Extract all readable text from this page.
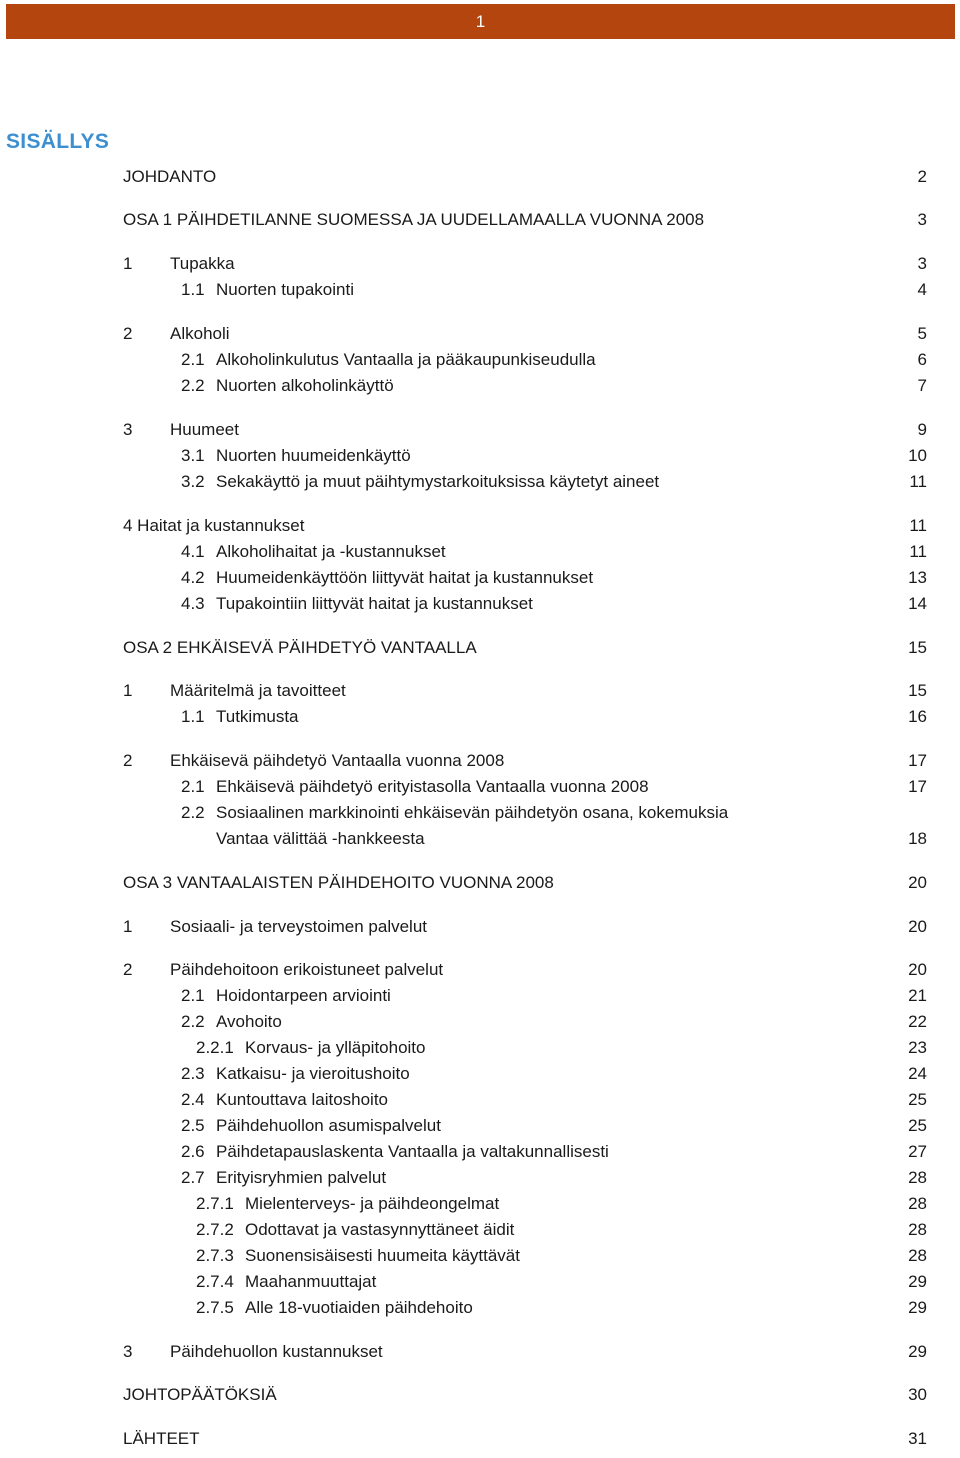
1
SISÄLLYS
JOHDANTO	2
OSA 1 PÄIHDETILANNE SUOMESSA JA UUDELLAMAALLA VUONNA 2008	3
1 Tupakka	3
1.1 Nuorten tupakointi	4
2 Alkoholi	5
2.1 Alkoholinkulutus Vantaalla ja pääkaupunkiseudulla	6
2.2 Nuorten alkoholinkäyttö	7
3 Huumeet	9
3.1 Nuorten huumeidenkäyttö	10
3.2 Sekakäyttö ja muut päihtymystarkoituksissa käytetyt aineet	11
4 Haitat ja kustannukset	11
4.1 Alkoholihaitat ja -kustannukset	11
4.2 Huumeidenkäyttöön liittyvät haitat ja kustannukset	13
4.3 Tupakointiin liittyvät haitat ja kustannukset	14
OSA 2 EHKÄISEVÄ PÄIHDETYÖ VANTAALLA	15
1 Määritelmä ja tavoitteet	15
1.1 Tutkimusta	16
2 Ehkäisevä päihdetyö Vantaalla vuonna 2008	17
2.1 Ehkäisevä päihdetyö erityistasolla Vantaalla vuonna 2008	17
2.2 Sosiaalinen markkinointi ehkäisevän päihdetyön osana, kokemuksia
Vantaa välittää -hankkeesta	18
OSA 3 VANTAALAISTEN PÄIHDEHOITO VUONNA 2008	20
1 Sosiaali- ja terveystoimen palvelut	20
2 Päihdehoitoon erikoistuneet palvelut	20
2.1 Hoidontarpeen arviointi	21
2.2 Avohoito	22
2.2.1 Korvaus- ja ylläpitohoito	23
2.3 Katkaisu- ja vieroitushoito	24
2.4 Kuntouttava laitoshoito	25
2.5 Päihdehuollon asumispalvelut	25
2.6 Päihdetapauslaskenta Vantaalla ja valtakunnallisesti	27
2.7 Erityisryhmien palvelut	28
2.7.1 Mielenterveys- ja päihdeongelmat	28
2.7.2 Odottavat ja vastasynnyttäneet äidit	28
2.7.3 Suonensisäisesti huumeita käyttävät	28
2.7.4 Maahanmuuttajat	29
2.7.5 Alle 18-vuotiaiden päihdehoito	29
3 Päihdehuollon kustannukset	29
JOHTOPÄÄTÖKSIÄ	30
LÄHTEET	31
